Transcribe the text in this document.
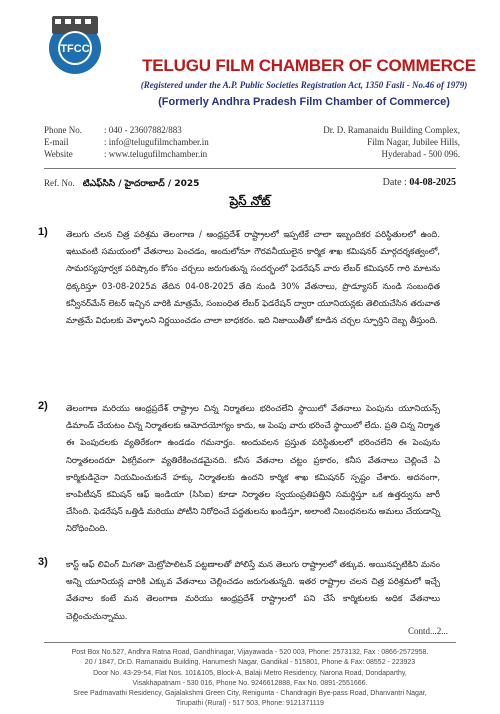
TFCC
TELUGU FILM CHAMBER OF COMMERCE
(Registered under the A.P. Public Societies Registration Act, 1350 Fasli - No.46 of 1979)
(Formerly Andhra Pradesh Film Chamber of Commerce)
Phone No. : 040 - 23607882/883
E-mail	: info@telugufilmchamber.in
Website	: www.telugufilmchamber.in
Dr. D. Ramanaidu Building Complex,
Film Nagar, Jubilee Hills,
Hyderabad - 500 096.
Ref. No. టిఎఫ్‌సిసి / హైదరాబాద్ / 2025	Date : 04-08-2025
ప్రెస్ నోట్
1) తెలుగు చలన చిత్ర పరిశ్రమ తెలంగాణ / ఆంధ్రప్రదేశ్ రాష్ట్రాలలో ఇప్పటికే చాలా ఇబ్బందికర పరిస్థితులలో ఉంది. ఇటువంటి సమయంలో వేతనాలు పెంచడం, అందులోనూ గౌరవనీయులైన కార్మిక శాఖ కమిషనర్ మార్గదర్శకత్వంలో, సామరస్యపూర్వక పరిష్కారం కోసం చర్చలు జరుగుతున్న సందర్భంలో ఫెడరేషన్ వారు లేబర్ కమిషనర్ గారి మాటను ధిక్కరిస్తూ 03-08-2025వ తేదిన 04-08-2025 తేది నుండి 30% వేతనాలు, ప్రొడ్యూసర్ నుండి సంబంధిత కన్వీనర్‌మేన్ లెటర్ ఇచ్చిన వారికి మాత్రమే, సంబంధిత లేబర్ ఫెడరేషన్ ద్వారా యూనియన్లకు తెలియచేసిన తరువాత మాత్రమే విధులకు వెళ్ళాలని నిర్ణయించడం చాలా బాధకరం. ఇది నిజాయితీతో కూడిన చర్చల స్ఫూర్తిని దెబ్బ తీస్తుంది.

2) తెలంగాణ మరియు ఆంధ్రప్రదేశ్ రాష్ట్రాల చిన్న నిర్మాతలు భరించలేని స్థాయిలో వేతనాలు పెంపును యూనియన్స్ డిమాండ్ చేయటం చిన్న నిర్మాతలకు ఆమోదయోగ్యం కాదు, ఆ పెంపు వారు భరించే స్థాయిలో లేదు. ప్రతి చిన్న నిర్మాత ఈ పెంపుదలకు వ్యతిరేకంగా ఉండడం గమనార్హం. అందువలన ప్రస్తుత పరిస్థితులలో భరించలేని ఈ పెంపును నిర్మాతలందరూ ఏకగ్రీవంగా వ్యతిరేకించడమైనది. కనీస వేతనాల చట్టం ప్రకారం, కనీస వేతనాలు చెల్లించే ఏ కార్మికుడినైనా నియమించుకునే హక్కు నిర్మాతలకు ఉందని కార్మిక శాఖ కమిషనర్ స్పష్టం చేశారు. అదనంగా, కాంపిటీషన్ కమిషన్ ఆఫ్ ఇండియా (సిసిఐ) కూడా నిర్మాతల స్వయంప్రతిపత్తిని సమర్థిస్తూ ఒక ఉత్తర్వును జారీ చేసింది. ఫెడరేషన్ ఒత్తిడి మరియు పోటీని నిరోధించే పద్ధతులను ఖండిస్తూ, అలాంటి నిబంధనలను అమలు చేయడాన్ని నిరోధించింది.

3) కాస్ట్ ఆఫ్ లివింగ్ మిగతా మెట్రోపాలిటన్ పట్టణాలతో పోలిస్తే మన తెలుగు రాష్ట్రాలలో తక్కువ. అయినప్పటికిని మనం అన్ని యూనియన్ల వారికి ఎక్కువ వేతనాలు చెల్లించడం జరుగుతున్నది. ఇతర రాష్ట్రాల చలన చిత్ర పరిశ్రమలో ఇచ్చే వేతనాల కంటే మన తెలంగాణ మరియు ఆంధ్రప్రదేశ్ రాష్ట్రాలలో పని చేసే కార్మికులకు అధిక వేతనాలు చెల్లించుచున్నాము.

Contd...2...
Post Box No.527, Andhra Ratna Road, Gandhinagar, Vijayawada - 520 003, Phone: 2573132, Fax : 0866-2572958.
20 / 1847, Dr.D. Ramanaidu Building, Hanumesh Nagar, Gandikal - 515801, Phone & Fax: 08552 - 223923
Door No. 43-29-54, Flat Nos. 101&105, Block-A, Balaji Metro Residency, Narona Road, Dondaparthy,
Visakhapatnam - 530 016, Phone No. 9246612888, Fax No. 0891-2551666.
Sree Padmavathi Residency, Gajalakshmi Green City, Renigunta - Chandragiri Bye-pass Road, Dhanvantri Nagar,
Tirupathi (Rural) - 517 503, Phone: 9121371119
